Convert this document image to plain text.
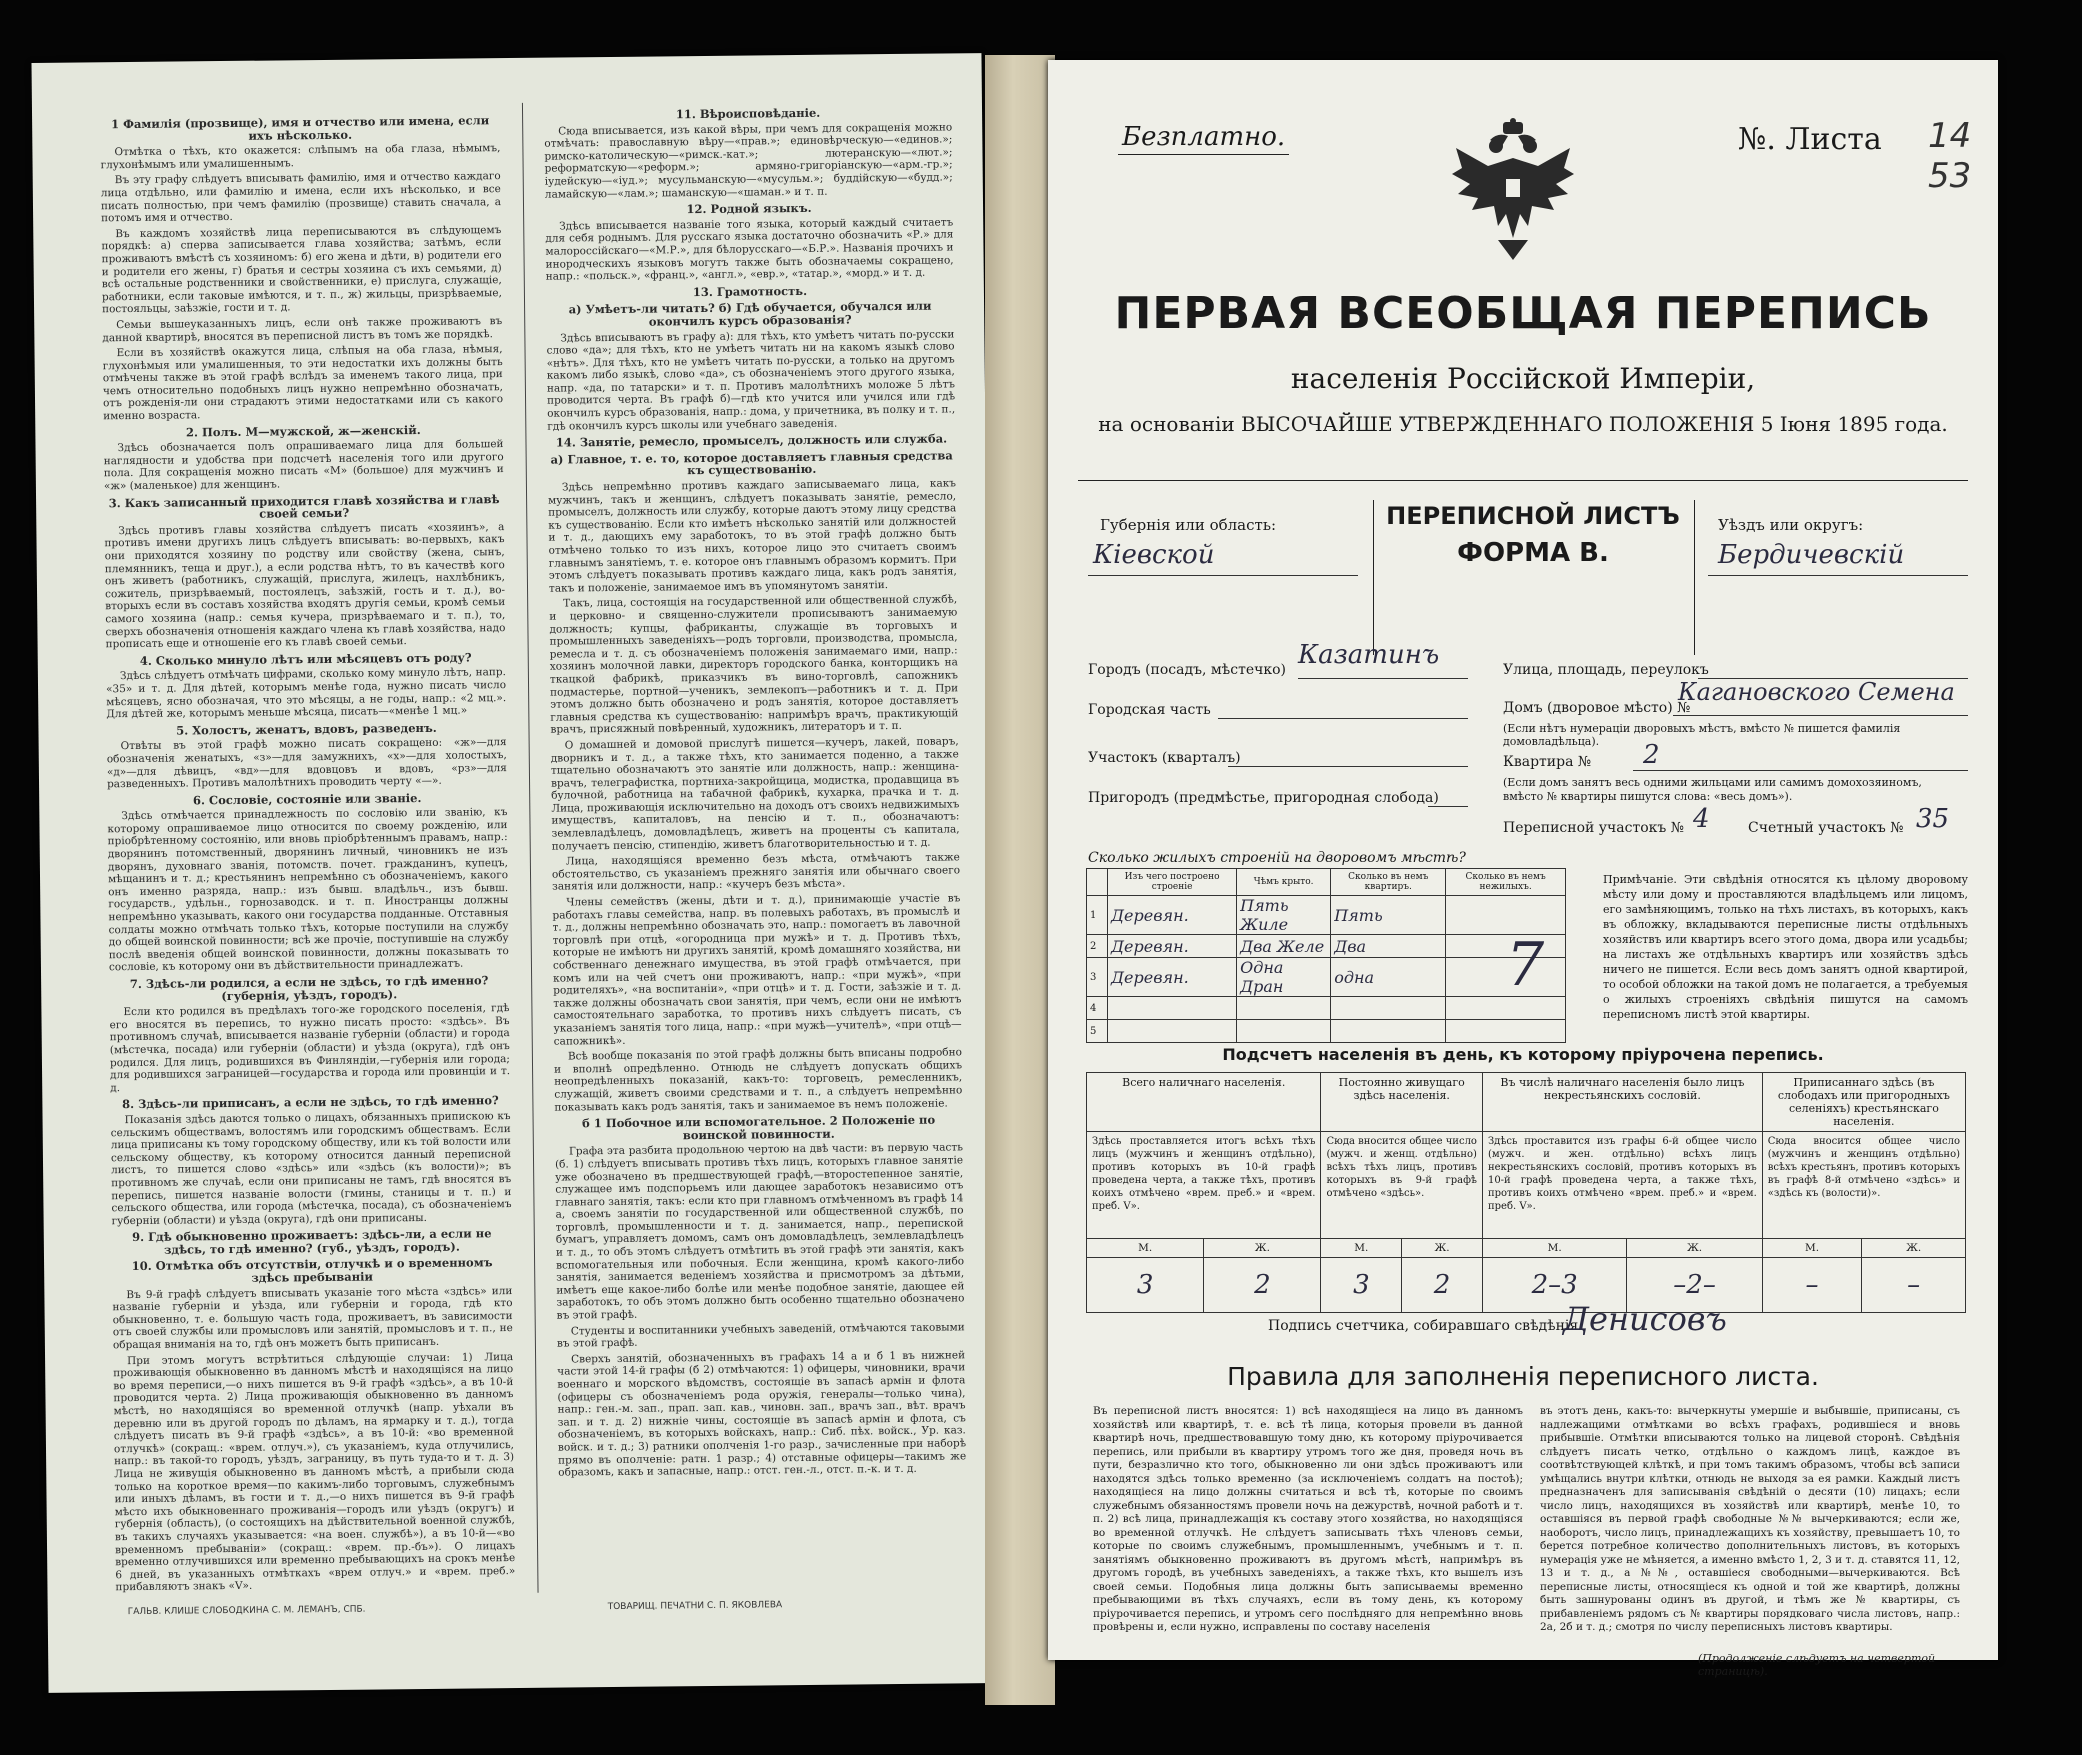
1 Фамилія (прозвище), имя и отчество или имена, если ихъ нѣсколько.

Отмѣтка о тѣхъ, кто окажется: слѣпымъ на оба глаза, нѣмымъ, глухонѣмымъ или умалишеннымъ.

Въ эту графу слѣдуетъ вписывать фамилію, имя и отчество каждаго лица отдѣльно, или фамилію и имена, если ихъ нѣсколько, и все писать полностью, при чемъ фамилію (прозвище) ставить сначала, а потомъ имя и отчество.

Въ каждомъ хозяйствѣ лица переписываются въ слѣдующемъ порядкѣ: а) сперва записывается глава хозяйства; затѣмъ, если проживаютъ вмѣстѣ съ хозяиномъ: б) его жена и дѣти, в) родители его и родители его жены, г) братья и сестры хозяина съ ихъ семьями, д) всѣ остальные родственники и свойственники, е) прислуга, служащіе, работники, если таковые имѣются, и т. п., ж) жильцы, призрѣваемые, постояльцы, заѣзжіе, гости и т. д.

Семьи вышеуказанныхъ лицъ, если онѣ также проживаютъ въ данной квартирѣ, вносятся въ переписной листъ въ томъ же порядкѣ.

Если въ хозяйствѣ окажутся лица, слѣпыя на оба глаза, нѣмыя, глухонѣмыя или умалишенныя, то эти недостатки ихъ должны быть отмѣчены также въ этой графѣ вслѣдъ за именемъ такого лица, при чемъ относительно подобныхъ лицъ нужно непремѣнно обозначать, отъ рожденія-ли они страдаютъ этими недостатками или съ какого именно возраста.

2. Полъ. М—мужской, ж—женскій.

Здѣсь обозначается полъ опрашиваемаго лица для большей наглядности и удобства при подсчетѣ населенія того или другого пола. Для сокращенія можно писать «М» (большое) для мужчинъ и «ж» (маленькое) для женщинъ.

3. Какъ записанный приходится главѣ хозяйства и главѣ своей семьи?

Здѣсь противъ главы хозяйства слѣдуетъ писать «хозяинъ», а противъ имени другихъ лицъ слѣдуетъ вписывать: во-первыхъ, какъ они приходятся хозяину по родству или свойству (жена, сынъ, племянникъ, теща и друг.), а если родства нѣтъ, то въ качествѣ кого онъ живетъ (работникъ, служащій, прислуга, жилецъ, нахлѣбникъ, сожитель, призрѣваемый, постоялецъ, заѣзжій, гость и т. д.), во-вторыхъ если въ составъ хозяйства входятъ другія семьи, кромѣ семьи самого хозяина (напр.: семья кучера, призрѣваемаго и т. п.), то, сверхъ обозначенія отношенія каждаго члена къ главѣ хозяйства, надо прописать еще и отношеніе его къ главѣ своей семьи.

4. Сколько минуло лѣтъ или мѣсяцевъ отъ роду?

Здѣсь слѣдуетъ отмѣчать цифрами, сколько кому минуло лѣтъ, напр. «35» и т. д. Для дѣтей, которымъ менѣе года, нужно писать число мѣсяцевъ, ясно обозначая, что это мѣсяцы, а не годы, напр.: «2 мц.». Для дѣтей же, которымъ меньше мѣсяца, писать—«менѣе 1 мц.»

5. Холостъ, женатъ, вдовъ, разведенъ.

Отвѣты въ этой графѣ можно писать сокращено: «ж»—для обозначенія женатыхъ, «з»—для замужнихъ, «х»—для холостыхъ, «д»—для дѣвицъ, «вд»—для вдовцовъ и вдовъ, «рз»—для разведенныхъ. Противъ малолѣтнихъ проводить черту «—».

6. Сословіе, состояніе или званіе.

Здѣсь отмѣчается принадлежность по сословію или званію, къ которому опрашиваемое лицо относится по своему рожденію, или пріобрѣтенному состоянію, или вновь пріобрѣтеннымъ правамъ, напр.: дворянинъ потомственный, дворянинъ личный, чиновникъ не изъ дворянъ, духовнаго званія, потомств. почет. гражданинъ, купецъ, мѣщанинъ и т. д.; крестьянинъ непремѣнно съ обозначеніемъ, какого онъ именно разряда, напр.: изъ бывш. владѣльч., изъ бывш. государств., удѣльн., горнозаводск. и т. п. Иностранцы должны непремѣнно указывать, какого они государства подданные. Отставныя солдаты можно отмѣчать только тѣхъ, которые поступили на службу до общей воинской повинности; всѣ же прочіе, поступившіе на службу послѣ введенія общей воинской повинности, должны показывать то сословіе, къ которому они въ дѣйствительности принадлежатъ.

7. Здѣсь-ли родился, а если не здѣсь, то гдѣ именно? (губернія, уѣздъ, городъ).

Если кто родился въ предѣлахъ того-же городского поселенія, гдѣ его вносятся въ перепись, то нужно писать просто: «здѣсь». Въ противномъ случаѣ, вписывается названіе губерніи (области) и города (мѣстечка, посада) или губерніи (области) и уѣзда (округа), гдѣ онъ родился. Для лицъ, родившихся въ Финляндіи,—губернія или города; для родившихся заграницей—государства и города или провинціи и т. д.

8. Здѣсь-ли приписанъ, а если не здѣсь, то гдѣ именно?

Показанія здѣсь даются только о лицахъ, обязанныхъ припискою къ сельскимъ обществамъ, волостямъ или городскимъ обществамъ. Если лица приписаны къ тому городскому обществу, или къ той волости или сельскому обществу, къ которому относится данный переписной листъ, то пишется слово «здѣсь» или «здѣсь (къ волости)»; въ противномъ же случаѣ, если они приписаны не тамъ, гдѣ вносятся въ перепись, пишется названіе волости (гмины, станицы и т. п.) и сельского общества, или города (мѣстечка, посада), съ обозначеніемъ губерніи (области) и уѣзда (округа), гдѣ они приписаны.

9. Гдѣ обыкновенно проживаетъ: здѣсь-ли, а если не здѣсь, то гдѣ именно? (губ., уѣздъ, городъ).
10. Отмѣтка объ отсутствіи, отлучкѣ и о временномъ здѣсь пребываніи

Въ 9-й графѣ слѣдуетъ вписывать указаніе того мѣста «здѣсь» или названіе губерніи и уѣзда, или губерніи и города, гдѣ кто обыкновенно, т. е. большую часть года, проживаетъ, въ зависимости отъ своей службы или промысловъ или занятій, промысловъ и т. п., не обращая вниманія на то, гдѣ онъ можетъ быть приписанъ.

При этомъ могутъ встрѣтиться слѣдующіе случаи: 1) Лица проживающія обыкновенно въ данномъ мѣстѣ и находящіяся на лицо во время переписи,—о нихъ пишется въ 9-й графѣ «здѣсь», а въ 10-й проводится черта. 2) Лица проживающія обыкновенно въ данномъ мѣстѣ, но находящіяся во временной отлучкѣ (напр. уѣхали въ деревню или въ другой городъ по дѣламъ, на ярмарку и т. д.), тогда слѣдуетъ писать въ 9-й графѣ «здѣсь», а въ 10-й: «во временной отлучкѣ» (сокращ.: «врем. отлуч.»), съ указаніемъ, куда отлучились, напр.: въ такой-то городъ, уѣздъ, заграницу, въ путь туда-то и т. д. 3) Лица не живущія обыкновенно въ данномъ мѣстѣ, а прибыли сюда только на короткое время—по какимъ-либо торговымъ, служебнымъ или иныхъ дѣламъ, въ гости и т. д.,—о нихъ пишется въ 9-й графѣ мѣсто ихъ обыкновеннаго проживанія—городъ или уѣздъ (округъ) и губернія (область), (о состоящихъ на дѣйствительной военной службѣ, въ такихъ случаяхъ указывается: «на воен. службѣ»), а въ 10-й—«во временномъ пребываніи» (сокращ.: «врем. пр.-бъ»). О лицахъ временно отлучившихся или временно пребывающихъ на срокъ менѣе 6 дней, въ указанныхъ отмѣткахъ «врем отлуч.» и «врем. преб.» прибавляютъ знакъ «V».

11. Вѣроисповѣданіе.

Сюда вписывается, изъ какой вѣры, при чемъ для сокращенія можно отмѣчать: православную вѣру—«прав.»; единовѣрческую—«единов.»; римско-католическую—«римск.-кат.»; лютеранскую—«лют.»; реформатскую—«реформ.»; армяно-григоріанскую—«арм.-гр.»; іудейскую—«іуд.»; мусульманскую—«мусульм.»; буддійскую—«будд.»; ламайскую—«лам.»; шаманскую—«шаман.» и т. п.

12. Родной языкъ.

Здѣсь вписывается названіе того языка, который каждый считаетъ для себя роднымъ. Для русскаго языка достаточно обозначить «Р.» для малороссійскаго—«М.Р.», для бѣлорусскаго—«Б.Р.». Названія прочихъ и инородческихъ языковъ могутъ также быть обозначаемы сокращено, напр.: «польск.», «франц.», «англ.», «евр.», «татар.», «морд.» и т. д.

13. Грамотность.
а) Умѣетъ-ли читать? б) Гдѣ обучается, обучался или окончилъ курсъ образованія?

Здѣсь вписываютъ въ графу а): для тѣхъ, кто умѣетъ читать по-русски слово «да»; для тѣхъ, кто не умѣетъ читать ни на какомъ языкѣ слово «нѣтъ». Для тѣхъ, кто не умѣетъ читать по-русски, а только на другомъ какомъ либо языкѣ, слово «да», съ обозначеніемъ этого другого языка, напр. «да, по татарски» и т. п. Противъ малолѣтнихъ моложе 5 лѣтъ проводится черта. Въ графѣ б)—гдѣ кто учится или учился или гдѣ окончилъ курсъ образованія, напр.: дома, у причетника, въ полку и т. п., гдѣ окончилъ курсъ школы или учебнаго заведенія.

14. Занятіе, ремесло, промыселъ, должность или служба.
а) Главное, т. е. то, которое доставляетъ главныя средства къ существованію.

Здѣсь непремѣнно противъ каждаго записываемаго лица, какъ мужчинъ, такъ и женщинъ, слѣдуетъ показывать занятіе, ремесло, промыселъ, должность или службу, которые даютъ этому лицу средства къ существованію. Если кто имѣетъ нѣсколько занятій или должностей и т. д., дающихъ ему заработокъ, то въ этой графѣ должно быть отмѣчено только то изъ нихъ, которое лицо это считаетъ своимъ главнымъ занятіемъ, т. е. которое онъ главнымъ образомъ кормитъ. При этомъ слѣдуетъ показывать противъ каждаго лица, какъ родъ занятія, такъ и положеніе, занимаемое имъ въ упомянутомъ занятіи.

Такъ, лица, состоящія на государственной или общественной службѣ, и церковно- и священно-служители прописываютъ занимаемую должность; купцы, фабриканты, служащіе въ торговыхъ и промышленныхъ заведеніяхъ—родъ торговли, производства, промысла, ремесла и т. д. съ обозначеніемъ положенія занимаемаго ими, напр.: хозяинъ молочной лавки, директоръ городского банка, конторщикъ на ткацкой фабрикѣ, приказчикъ въ вино-торговлѣ, сапожникъ подмастерье, портной—ученикъ, землекопъ—работникъ и т. д. При этомъ должно быть обозначено и родъ занятія, которое доставляетъ главныя средства къ существованію: напримѣръ врачъ, практикующій врачъ, присяжный повѣренный, художникъ, литераторъ и т. п.

О домашней и домовой прислугѣ пишется—кучеръ, лакей, поваръ, дворникъ и т. д., а также тѣхъ, кто занимается поденно, а также тщательно обозначаютъ это занятіе или должность, напр.: женщина-врачъ, телеграфистка, портниха-закройщица, модистка, продавщица въ булочной, работница на табачной фабрикѣ, кухарка, прачка и т. д. Лица, проживающія исключительно на доходъ отъ своихъ недвижимыхъ имуществъ, капиталовъ, на пенсію и т. п., обозначаютъ: землевладѣлецъ, домовладѣлецъ, живетъ на проценты съ капитала, получаетъ пенсію, стипендію, живетъ благотворительностью и т. д.

Лица, находящіяся временно безъ мѣста, отмѣчаютъ также обстоятельство, съ указаніемъ прежняго занятія или обычнаго своего занятія или должности, напр.: «кучеръ безъ мѣста».

Члены семействъ (жены, дѣти и т. д.), принимающіе участіе въ работахъ главы семейства, напр. въ полевыхъ работахъ, въ промыслѣ и т. д., должны непремѣнно обозначать это, напр.: помогаетъ въ лавочной торговлѣ при отцѣ, «огородница при мужѣ» и т. д. Противъ тѣхъ, которые не имѣютъ ни другихъ занятій, кромѣ домашняго хозяйства, ни собственнаго денежнаго имущества, въ этой графѣ отмѣчается, при комъ или на чей счетъ они проживаютъ, напр.: «при мужѣ», «при родителяхъ», «на воспитаніи», «при отцѣ» и т. д. Гости, заѣзжіе и т. д. также должны обозначать свои занятія, при чемъ, если они не имѣютъ самостоятельнаго заработка, то противъ нихъ слѣдуетъ писать, съ указаніемъ занятія того лица, напр.: «при мужѣ—учителѣ», «при отцѣ—сапожникѣ».

Всѣ вообще показанія по этой графѣ должны быть вписаны подробно и вполнѣ опредѣленно. Отнюдь не слѣдуетъ допускать общихъ неопредѣленныхъ показаній, какъ-то: торговецъ, ремесленникъ, служащій, живетъ своими средствами и т. п., а слѣдуетъ непремѣнно показывать какъ родъ занятія, такъ и занимаемое въ немъ положеніе.

б 1 Побочное или вспомогательное. 2 Положеніе по воинской повинности.

Графа эта разбита продольною чертою на двѣ части: въ первую часть (б. 1) слѣдуетъ вписывать противъ тѣхъ лицъ, которыхъ главное занятіе уже обозначено въ предшествующей графѣ,—второстепенное занятіе, служащее имъ подспорьемъ или дающее заработокъ независимо отъ главнаго занятія, такъ: если кто при главномъ отмѣченномъ въ графѣ 14 а, своемъ занятіи по государственной или общественной службѣ, по торговлѣ, промышленности и т. д. занимается, напр., перепиской бумагъ, управляетъ домомъ, самъ онъ домовладѣлецъ, землевладѣлецъ и т. д., то объ этомъ слѣдуетъ отмѣтить въ этой графѣ эти занятія, какъ вспомогательныя или побочныя. Если женщина, кромѣ какого-либо занятія, занимается веденіемъ хозяйства и присмотромъ за дѣтьми, имѣетъ еще какое-либо болѣе или менѣе подобное занятіе, дающее ей заработокъ, то объ этомъ должно быть особенно тщательно обозначено въ этой графѣ.

Студенты и воспитанники учебныхъ заведеній, отмѣчаются таковыми въ этой графѣ.

Сверхъ занятій, обозначенныхъ въ графахъ 14 а и б 1 въ нижней части этой 14-й графы (б 2) отмѣчаются: 1) офицеры, чиновники, врачи военнаго и морского вѣдомствъ, состоящіе въ запасѣ армін и флота (офицеры съ обозначеніемъ рода оружія, генералы—только чина), напр.: ген.-м. зап., прап. зап. кав., чиновн. зап., врачъ зап., вѣт. врачъ зап. и т. д. 2) нижніе чины, состоящіе въ запасѣ армін и флота, съ обозначеніемъ, въ которыхъ войскахъ, напр.: Сиб. пѣх. войск., Ур. каз. войск. и т. д.; 3) ратники ополченія 1-го разр., зачисленные при наборѣ прямо въ ополченіе: ратн. 1 разр.; 4) отставные офицеры—такимъ же образомъ, какъ и запасные, напр.: отст. ген.-л., отст. п.-к. и т. д.

ГАЛЬВ. КЛИШЕ СЛОБОДКИНА С. М. ЛЕМАНЪ, СПБ.	ТОВАРИЩ. ПЕЧАТНИ С. П. ЯКОВЛЕВА
Безплатно.	№. Листа 14 53
ПЕРВАЯ ВСЕОБЩАЯ ПЕРЕПИСЬ
населенія Россійской Имперіи,
на основаніи ВЫСОЧАЙШЕ УТВЕРЖДЕННАГО ПОЛОЖЕНІЯ 5 Іюня 1895 года.
ПЕРЕПИСНОЙ ЛИСТЪ
ФОРМА В.
Губернія или область:
Кіевской
Уѣздъ или округъ:
Бердичевскій
Городъ (посадъ, мѣстечко) Казатинъ
Городская часть
Участокъ (кварталъ)
Пригородъ (предмѣстье, пригородная слобода)
Улица, площадь, переулокъ
Домъ (дворовое мѣсто) №
Кагановского Семена
(Если нѣтъ нумераціи дворовыхъ мѣстъ, вмѣсто № пишется фамилія домовладѣльца).
Квартира № 2
(Если домъ занятъ весь одними жильцами или самимъ домохозяиномъ, вмѣсто № квартиры пишутся слова: «весь домъ»).
Переписной участокъ № 4	Счетный участокъ № 35
Сколько жилыхъ строеній на дворовомъ мѣстѣ?
	Изъ чего построено строеніе	Чѣмъ крыто.	Сколько въ немъ квартиръ.	Сколько въ немъ нежилыхъ.
1	Деревян.	Пять Жиле	Пять	
2	Деревян.	Два Желе	Два	
3	Деревян.	Одна Дран	одна	
4				
5				
7
Примѣчаніе. Эти свѣдѣнія относятся къ цѣлому дворовому мѣсту или дому и проставляются владѣльцемъ или лицомъ, его замѣняющимъ, только на тѣхъ листахъ, въ которыхъ, какъ въ обложку, вкладываются переписные листы отдѣльныхъ хозяйствъ или квартиръ всего этого дома, двора или усадьбы; на листахъ же отдѣльныхъ квартиръ или хозяйствъ здѣсь ничего не пишется. Если весь домъ занятъ одной квартирой, то особой обложки на такой домъ не полагается, а требуемыя о жилыхъ строеніяхъ свѣдѣнія пишутся на самомъ переписномъ листѣ этой квартиры.
Подсчетъ населенія въ день, къ которому пріурочена перепись.
Всего наличнаго населенія.		Постоянно живущаго здѣсь населенія.		Въ числѣ наличнаго населенія было лицъ некрестьянскихъ сословій.		Приписаннаго здѣсь (въ слободахъ или пригородныхъ селеніяхъ) крестьянскаго населенія.	
Здѣсь проставляется итогъ всѣхъ тѣхъ лицъ (мужчинъ и женщинъ отдѣльно), противъ которыхъ въ 10-й графѣ проведена черта, а также тѣхъ, противъ коихъ отмѣчено «врем. преб.» и «врем. преб. V».		Сюда вносится общее число (мужч. и женщ. отдѣльно) всѣхъ тѣхъ лицъ, противъ которыхъ въ 9-й графѣ отмѣчено «здѣсь».		Здѣсь проставится изъ графы 6-й общее число (мужч. и жен. отдѣльно) всѣхъ лицъ некрестьянскихъ сословій, противъ которыхъ въ 10-й графѣ проведена черта, а также тѣхъ, противъ коихъ отмѣчено «врем. преб.» и «врем. преб. V».		Сюда вносится общее число (мужчинъ и женщинъ отдѣльно) всѣхъ крестьянъ, противъ которыхъ въ графѣ 8-й отмѣчено «здѣсь» и «здѣсь къ (волости)».	
М.	Ж.	М.	Ж.	М.	Ж.	М.	Ж.
3	2	3	2	2–3	–2–	–	–
Подпись счетчика, собиравшаго свѣдѣнія
Денисовъ
Правила для заполненія переписного листа.
Въ переписной листъ вносятся: 1) всѣ находящіеся на лицо въ данномъ хозяйствѣ или квартирѣ, т. е. всѣ тѣ лица, которыя провели въ данной квартирѣ ночь, предшествовавшую тому дню, къ которому пріурочивается перепись, или прибыли въ квартиру утромъ того же дня, проведя ночь въ пути, безразлично кто того, обыкновенно ли они здѣсь проживаютъ или находятся здѣсь только временно (за исключеніемъ солдатъ на постоѣ); находящіеся на лицо должны считаться и всѣ тѣ, которые по своимъ служебнымъ обязанностямъ провели ночь на дежурствѣ, ночной работѣ и т. п. 2) всѣ лица, принадлежащія къ составу этого хозяйства, но находящіяся во временной отлучкѣ. Не слѣдуетъ записывать тѣхъ членовъ семьи, которые по своимъ служебнымъ, промышленнымъ, учебнымъ и т. п. занятіямъ обыкновенно проживаютъ въ другомъ мѣстѣ, напримѣръ въ другомъ городѣ, въ учебныхъ заведеніяхъ, а также тѣхъ, кто вышелъ изъ своей семьи. Подобныя лица должны быть записываемы временно пребывающими въ тѣхъ случаяхъ, если въ тому день, къ которому пріурочивается перепись, и утромъ сего послѣдняго для непремѣнно вновь провѣрены и, если нужно, исправлены по составу населенія
въ этотъ день, какъ-то: вычеркнуты умершіе и выбывшіе, приписаны, съ надлежащими отмѣтками во всѣхъ графахъ, родившіеся и вновь прибывшіе. Отмѣтки вписываются только на лицевой сторонѣ. Свѣдѣнія слѣдуетъ писать четко, отдѣльно о каждомъ лицѣ, каждое въ соотвѣтствующей клѣткѣ, и при томъ такимъ образомъ, чтобы всѣ записи умѣщались внутри клѣтки, отнюдь не выходя за ея рамки. Каждый листъ предназначенъ для записыванія свѣдѣній о десяти (10) лицахъ; если число лицъ, находящихся въ хозяйствѣ или квартирѣ, менѣе 10, то оставшіяся въ первой графѣ свободные №№ вычеркиваются; если же, наоборотъ, число лицъ, принадлежащихъ къ хозяйству, превышаетъ 10, то берется потребное количество дополнительныхъ листовъ, въ которыхъ нумерація уже не мѣняется, а именно вмѣсто 1, 2, 3 и т. д. ставятся 11, 12, 13 и т. д., а №№, оставшіеся свободными—вычеркиваются. Всѣ переписные листы, относящіеся къ одной и той же квартирѣ, должны быть зашнурованы одинъ въ другой, и тѣмъ же № квартиры, съ прибавленіемъ рядомъ съ № квартиры порядковаго числа листовъ, напр.: 2а, 2б и т. д.; смотря по числу переписныхъ листовъ квартиры.
(Продолженіе слѣдуетъ на четвертой страницѣ).
